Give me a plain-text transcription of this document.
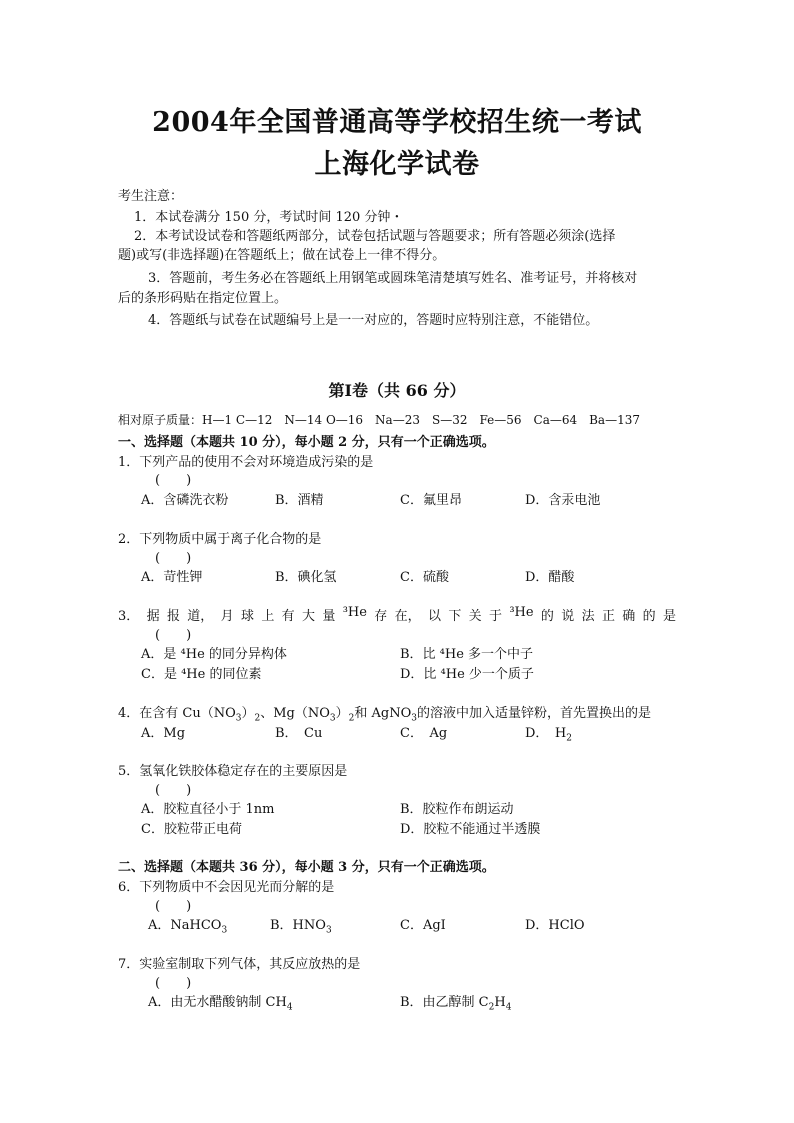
2004年全国普通高等学校招生统一考试
上海化学试卷
考生注意：
1．本试卷满分 150 分，考试时间 120 分钟・
2．本考试设试卷和答题纸两部分，试卷包括试题与答题要求；所有答题必须涂(选择
题)或写(非选择题)在答题纸上；做在试卷上一律不得分。
3．答题前，考生务必在答题纸上用钢笔或圆珠笔清楚填写姓名、准考证号，并将核对
后的条形码贴在指定位置上。
4．答题纸与试卷在试题编号上是一一对应的，答题时应特别注意，不能错位。
第Ⅰ卷（共 66 分）
相对原子质量：H—1 C—12　N—14 O—16　Na—23　S—32　Fe—56　Ca—64　Ba—137
一、选择题（本题共 10 分），每小题 2 分，只有一个正确选项。
1．下列产品的使用不会对环境造成污染的是
(　　)
A．含磷洗衣粉	B．酒精	C．氟里昂	D．含汞电池
2．下列物质中属于离子化合物的是
(　　)
A．苛性钾	B．碘化氢	C．硫酸	D．醋酸
3． 据 报 道， 月 球 上 有 大 量 ³He 存 在， 以 下 关 于 ³He 的 说 法 正 确 的 是
(　　)
A．是 ⁴He 的同分异构体	B．比 ⁴He 多一个中子
C．是 ⁴He 的同位素	D．比 ⁴He 少一个质子
4．在含有 $Cu(NO_3)_2$、$Mg(NO_3)_2$和 AgNO$_3$的溶液中加入适量锌粉，首先置换出的是
A．Mg	B．　Cu	C．　Ag	D．　$H_2$
5．氢氧化铁胶体稳定存在的主要原因是
(　　)
A．胶粒直径小于 1nm	B．胶粒作布朗运动
C．胶粒带正电荷	D．胶粒不能通过半透膜
二、选择题（本题共 36 分），每小题 3 分，只有一个正确选项。
6．下列物质中不会因见光而分解的是
(　　)
A．NaHCO$_3$	B．$HNO_3$	C．AgI	D．HClO
7．实验室制取下列气体，其反应放热的是
(　　)
A．由无水醋酸钠制 $CH_4$	B．由乙醇制 $C_2H_4$
